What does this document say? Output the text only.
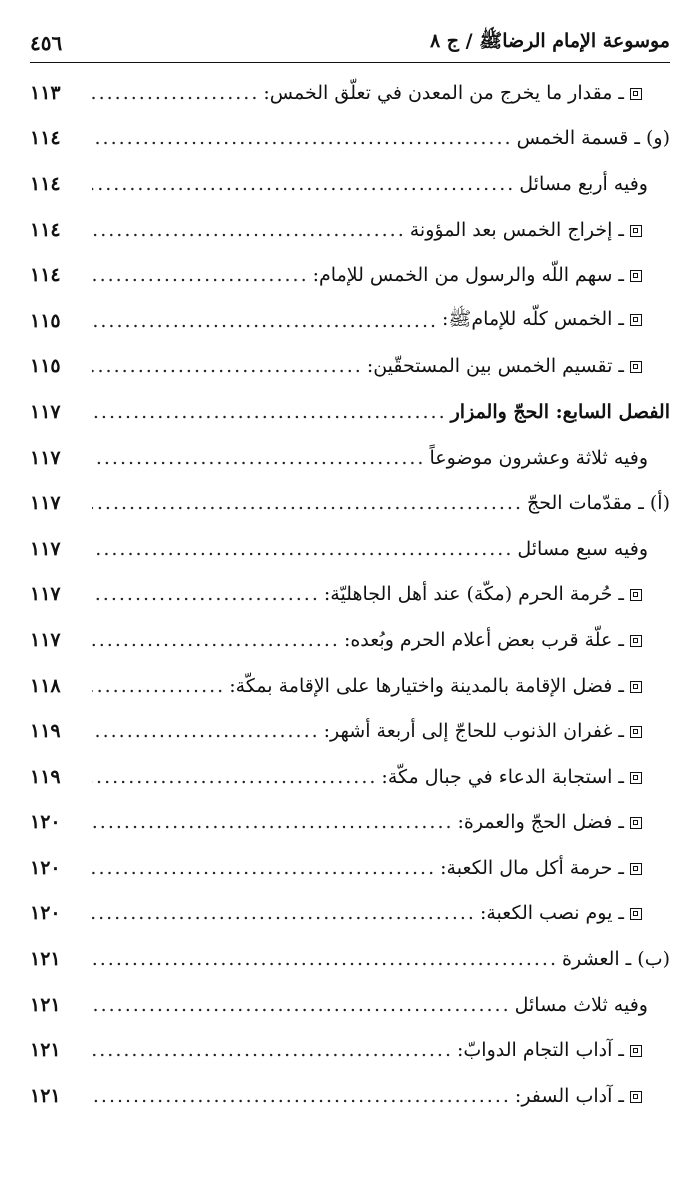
موسوعة الإمام الرضاﷺ / ج ٨
٤٥٦
ـ مقدار ما يخرج من المعدن في تعلّق الخمس:
.....
١١٣
(و) ـ قسمة الخمس
.....
١١٤
وفيه أربع مسائل
.....
١١٤
ـ إخراج الخمس بعد المؤونة
.....
١١٤
ـ سهم اللّه والرسول من الخمس للإمام:
.....
١١٤
ـ الخمس كلّه للإمامﷺ:
.....
١١٥
ـ تقسيم الخمس بين المستحقّين:
.....
١١٥
الفصل السابع: الحجّ والمزار
.....
١١٧
وفيه ثلاثة وعشرون موضوعاً
.....
١١٧
(أ) ـ مقدّمات الحجّ
.....
١١٧
وفيه سبع مسائل
.....
١١٧
ـ حُرمة الحرم (مكّة) عند أهل الجاهليّة:
.....
١١٧
ـ علّة قرب بعض أعلام الحرم وبُعده:
.....
١١٧
ـ فضل الإقامة بالمدينة واختيارها على الإقامة بمكّة:
.....
١١٨
ـ غفران الذنوب للحاجّ إلى أربعة أشهر:
.....
١١٩
ـ استجابة الدعاء في جبال مكّة:
.....
١١٩
ـ فضل الحجّ والعمرة:
.....
١٢٠
ـ حرمة أكل مال الكعبة:
.....
١٢٠
ـ يوم نصب الكعبة:
.....
١٢٠
(ب) ـ العشرة
.....
١٢١
وفيه ثلاث مسائل
.....
١٢١
ـ آداب التجام الدوابّ:
.....
١٢١
ـ آداب السفر:
.....
١٢١
